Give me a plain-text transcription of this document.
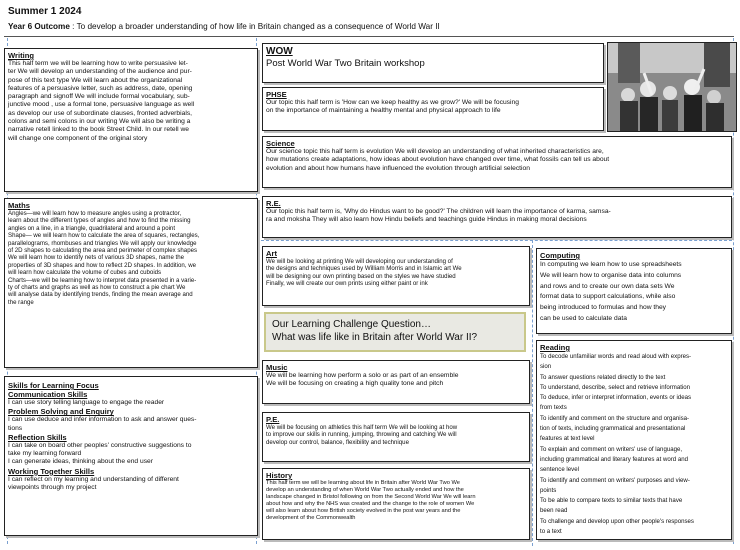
Summer 1 2024
Year 6 Outcome : To develop a broader understanding of how life in Britain changed as a consequence of World War II
Writing
This half term we will be learning how to write persuasive let-
ter We will develop an understanding of the audience and pur-
pose of this text type We will learn about the organizational
features of a persuasive letter, such as address, date, opening
paragraph and signoff We will include formal vocabulary, sub-
junctive mood , use a formal tone, persuasive language as well
as develop our use of subordinate clauses, fronted adverbials,
colons and semi colons in our writing We will also be writing a
narrative retell linked to the book Street Child. In our retell we
will change one component of the original story
Maths
Angles—we will learn how to measure angles using a protractor,
learn about the different types of angles and how to find the missing
angles on a line, in a triangle, quadrilateral and around a point
Shape— we will learn how to calculate the area of squares, rectangles,
parallelograms, rhombuses and triangles We will apply our knowledge
of 2D shapes to calculating the area and perimeter of complex shapes
We will learn how to identify nets of various 3D shapes, name the
properties of 3D shapes and how to reflect 2D shapes. In addition, we
will learn how calculate the volume of cubes and cuboids
Charts—we will be learning how to interpret data presented in a varie-
ty of charts and graphs as well as how to construct a pie chart We
will analyse data by identifying trends, finding the mean average and
the range
Skills for Learning Focus
Communication Skills
I can use story telling language to engage the reader
Problem Solving and Enquiry
I can use deduce and infer information to ask and answer ques-
tions
Reflection Skills
I can take on board other peoples' constructive suggestions to
take my learning forward
I can generate ideas, thinking about the end user
Working Together Skills
I can reflect on my learning and understanding of different
viewpoints through my project
WOW
Post World War Two Britain workshop
PHSE
Our topic this half term is 'How can we keep healthy as we grow?' We will be focusing
on the importance of maintaining a healthy mental and physical approach to life
Science
Our science topic this half term is evolution We will develop an understanding of what inherited characteristics are,
how mutations create adaptations, how ideas about evolution have changed over time, what fossils can tell us about
evolution and about how humans have influenced the evolution through artificial selection
R.E.
Our topic this half term is, 'Why do Hindus want to be good?' The children will learn the importance of karma, samsa-
ra and moksha They will also learn how Hindu beliefs and teachings guide Hindus in making moral decisions
Art
We will be looking at printing We will developing our understanding of
the designs and techniques used by William Morris and in Islamic art We
will be designing our own printing based on the styles we have studied
Finally, we will create our own prints using either paint or ink
Computing
In computing we learn how to use spreadsheets
We will learn how to organise data into columns
and rows and to create our own data sets We
format data to support calculations, while also
being introduced to formulas and how they
can be used to calculate data
Our Learning Challenge Question…
What was life like in Britain after World War II?
Music
We will be learning how perform a solo or as part of an ensemble
We will be focusing on creating a high quality tone and pitch
P.E.
We will be focusing on athletics this half term We will be looking at how
to improve our skills in running, jumping, throwing and catching We will
develop our control, balance, flexibility and technique
History
This half term we will be learning about life in Britain after World War Two We
develop an understanding of when World War Two actually ended and how the
landscape changed in Bristol following on from the Second World War We will learn
about how and why the NHS was created and the change to the role of women We
will also learn about how British society evolved in the post war years and the
development of the Commonwealth
Reading
To decode unfamiliar words and read aloud with expres-
sion
To answer questions related directly to the text
To understand, describe, select and retrieve information
To deduce, infer or interpret information, events or ideas
from texts
To identify and comment on the structure and organisa-
tion of texts, including grammatical and presentational
features at text level
To explain and comment on writers' use of language,
including grammatical and literary features at word and
sentence level
To identify and comment on writers' purposes and view-
points
To be able to compare texts to similar texts that have
been read
To challenge and develop upon other people's responses
to a text
